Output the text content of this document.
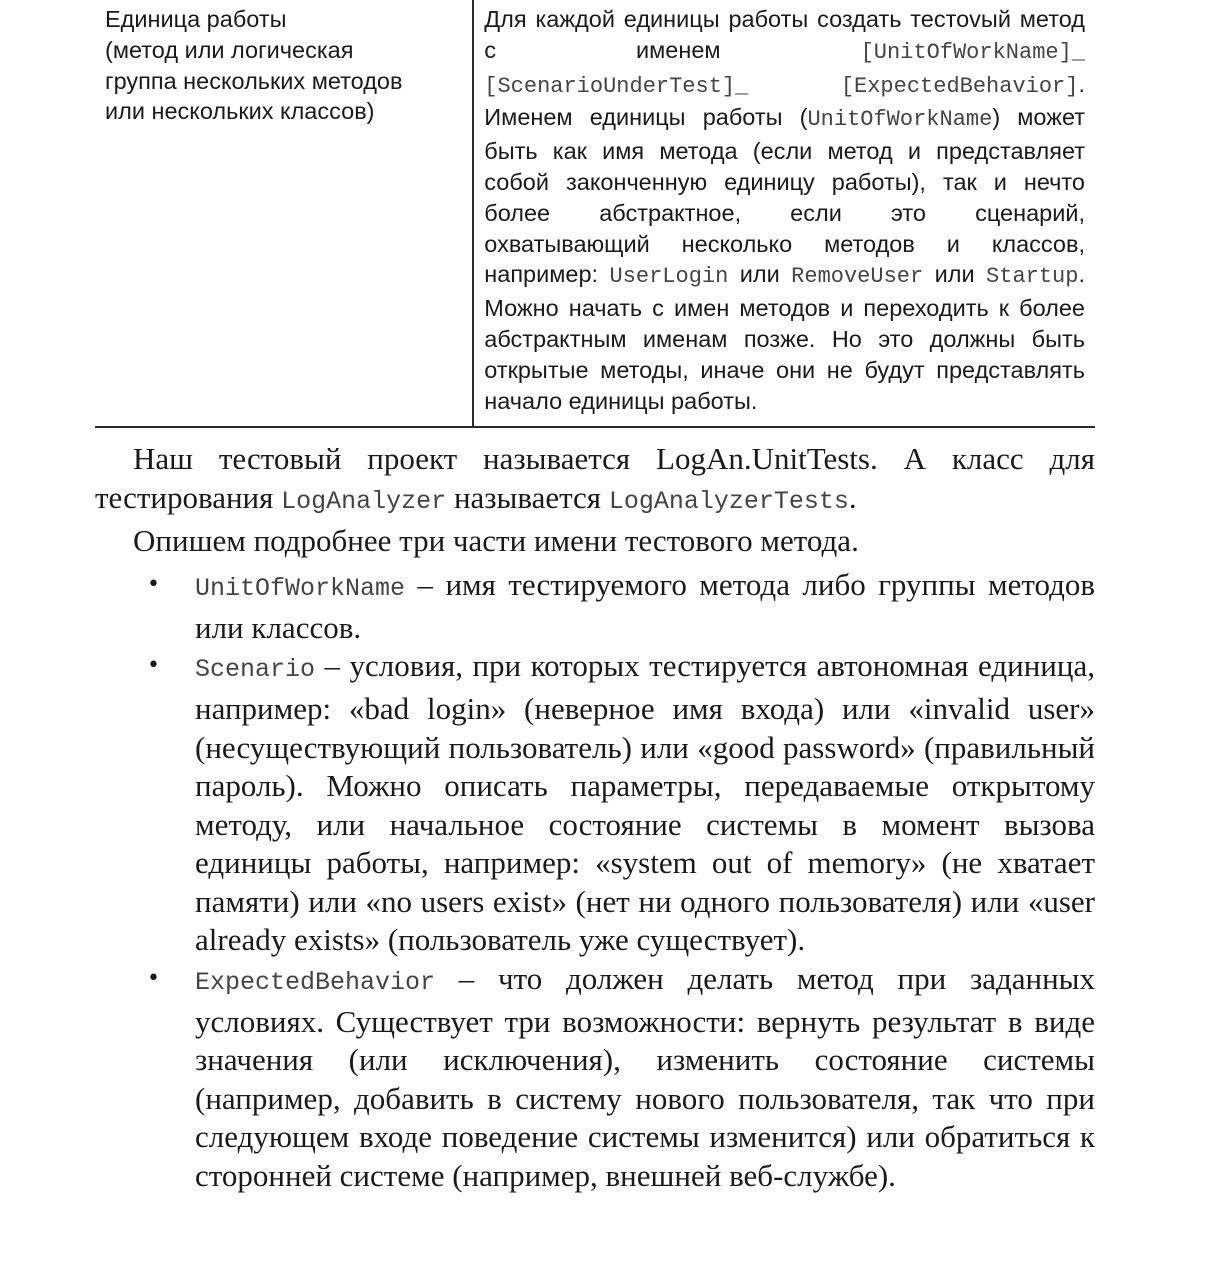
Единица работы
(метод или логическая
группа нескольких методов
или нескольких классов)
Для каждой единицы работы создать тестоvый метод с именем [UnitOfWorkName]_ [ScenarioUnderTest]_ [ExpectedBehavior]. Именем единицы работы (UnitOfWorkName) может быть как имя метода (если метод и представляет собой законченную единицу работы), так и нечто более абстрактное, если это сценарий, охватывающий несколько методов и классов, например: UserLogin или RemoveUser или Startup. Можно начать с имен методов и переходить к более абстрактным именам позже. Но это должны быть открытые методы, иначе они не будут представлять начало единицы работы.

Наш тестовый проект называется LogAn.UnitTests. А класс для тестирования LogAnalyzer называется LogAnalyzerTests.

Опишем подробнее три части имени тестового метода.

• UnitOfWorkName – имя тестируемого метода либо группы методов или классов.
• Scenario – условия, при которых тестируется автономная единица, например: «bad login» (неверное имя входа) или «invalid user» (несуществующий пользователь) или «good password» (правильный пароль). Можно описать параметры, передаваемые открытому методу, или начальное состояние системы в момент вызова единицы работы, например: «system out of memory» (не хватает памяти) или «no users exist» (нет ни одного пользователя) или «user already exists» (пользователь уже существует).
• ExpectedBehavior – что должен делать метод при заданных условиях. Существует три возможности: вернуть результат в виде значения (или исключения), изменить состояние системы (например, добавить в систему нового пользователя, так что при следующем входе поведение системы изменится) или обратиться к сторонней системе (например, внешней веб-службе).
